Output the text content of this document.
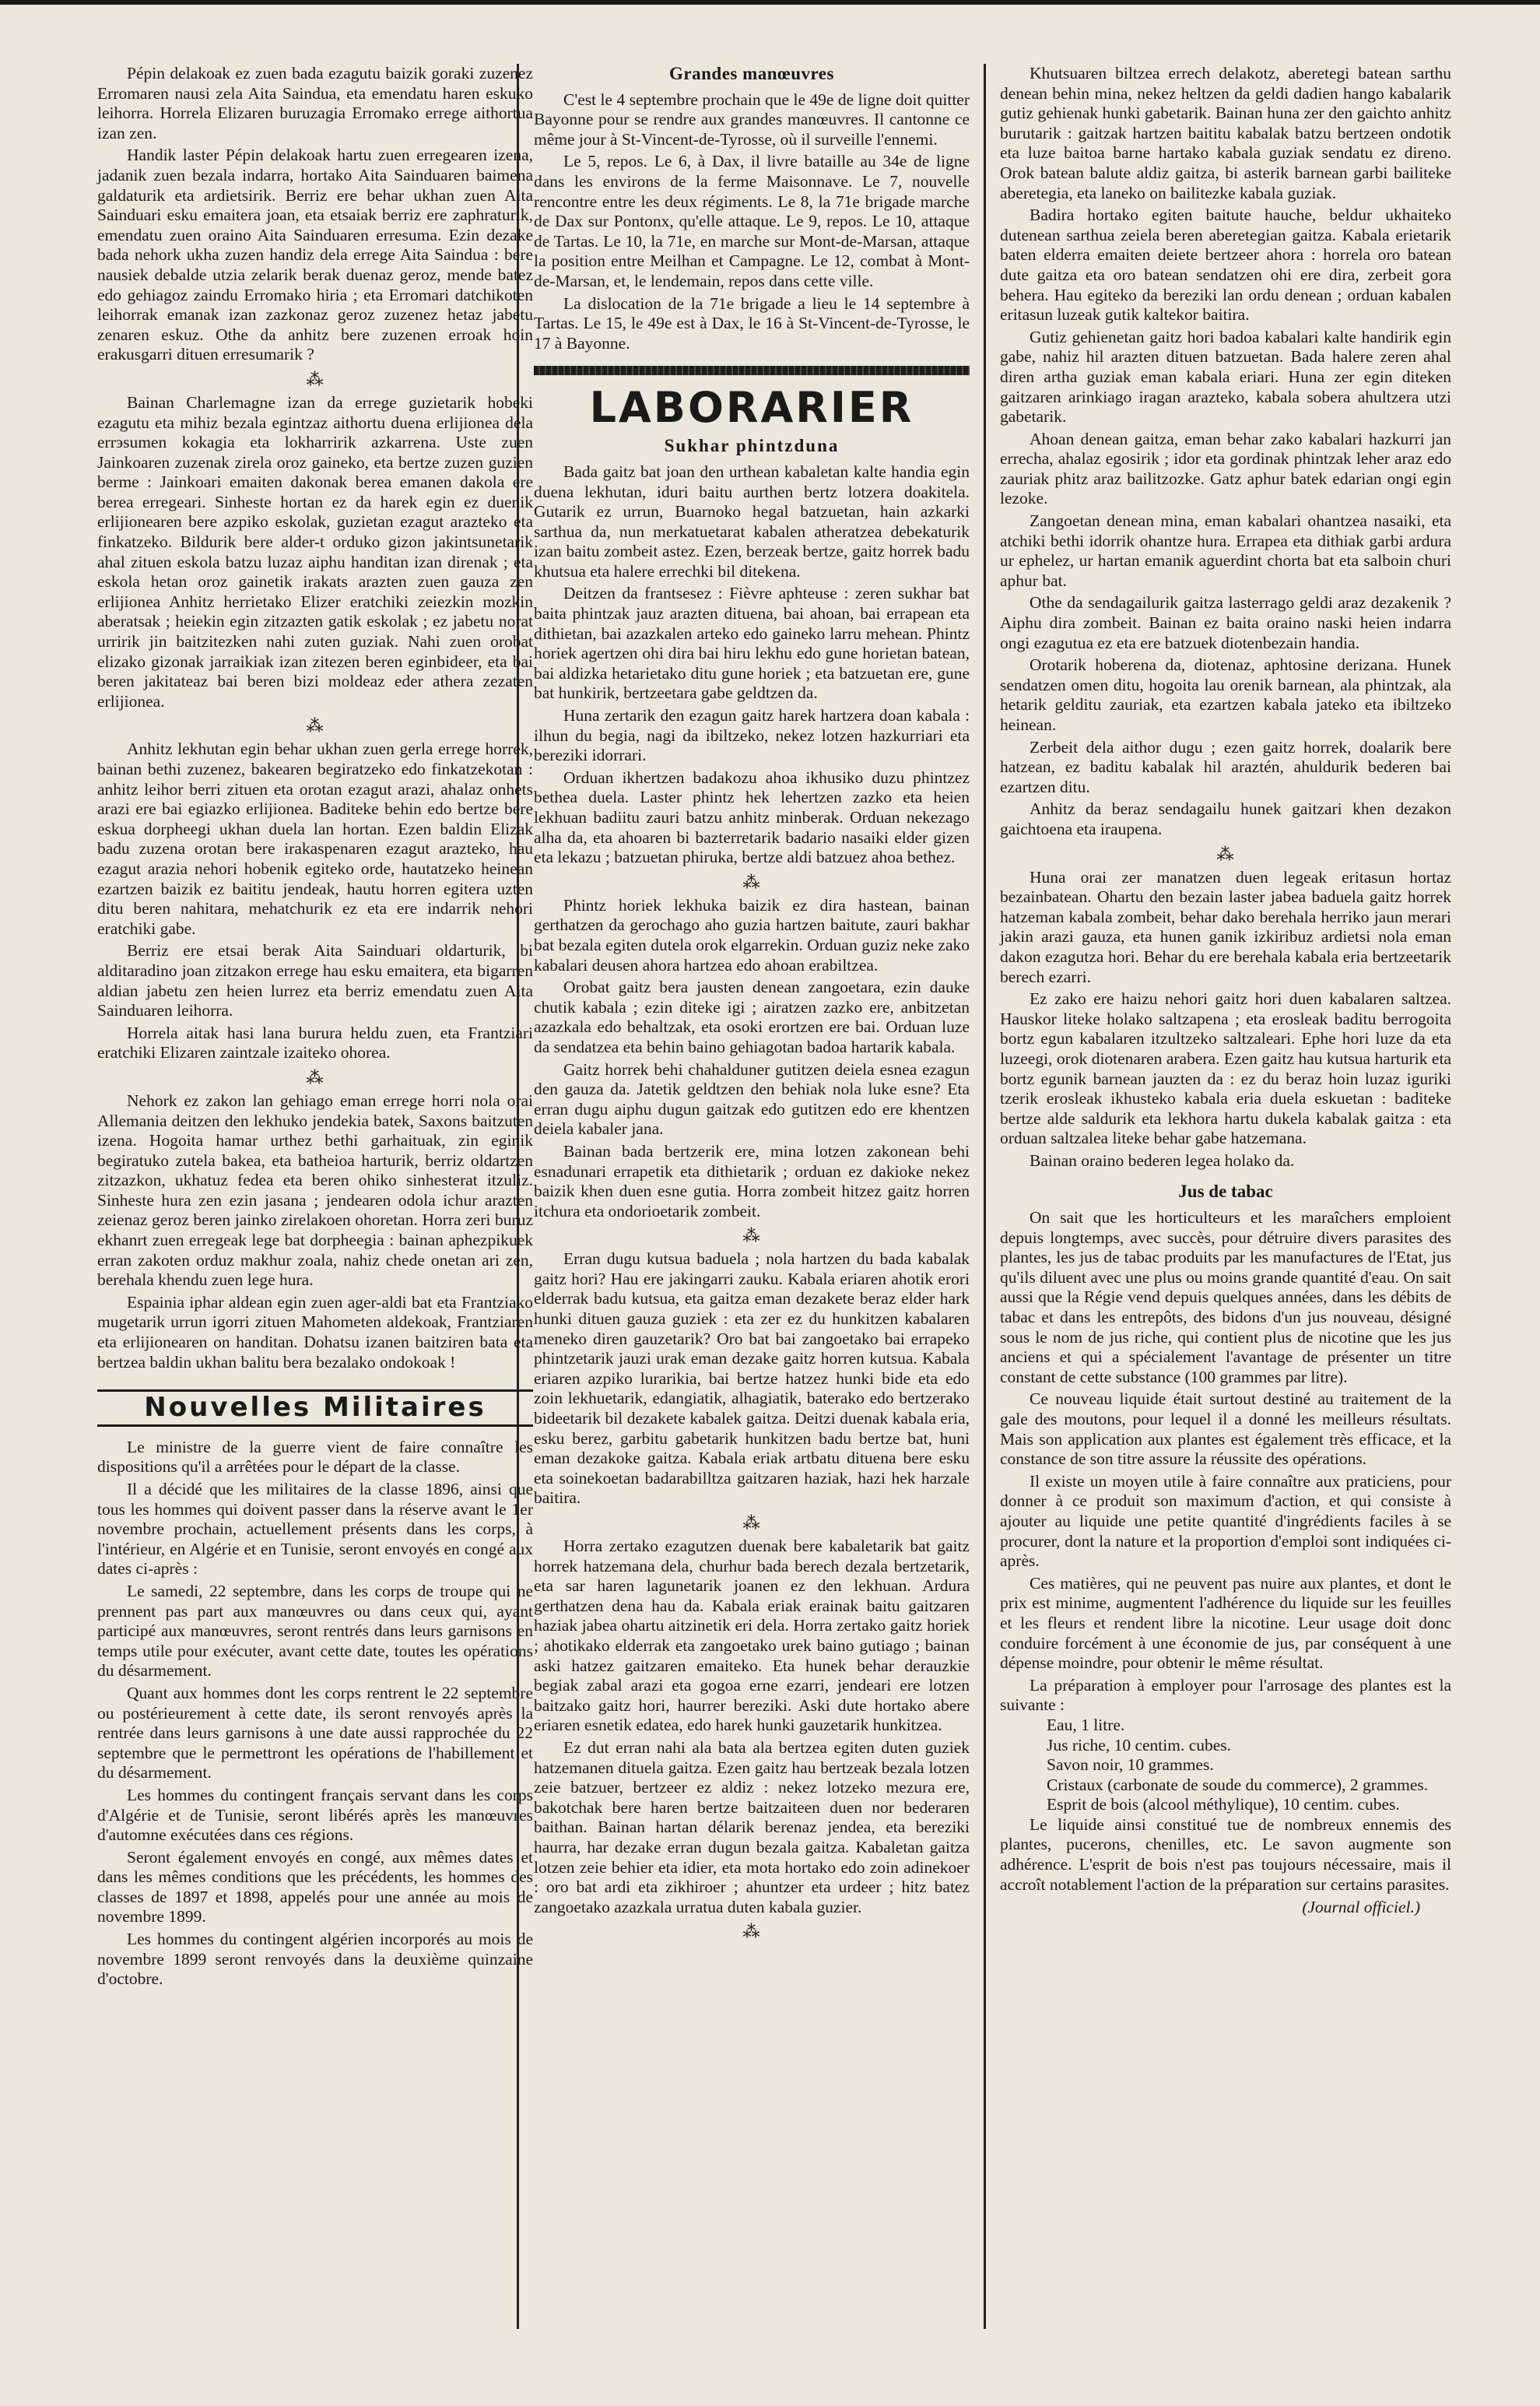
Pépin delakoak ez zuen bada ezagutu baizik goraki zuzenez Erromaren nausi zela Aita Sainduа, eta emendatu haren eskuko leihorra. Horrela Elizaren buruzagia Erromako errege aithortua izan zen.

Handik laster Pépin delakoak hartu zuen erregearen izena, jadanik zuen bezala indarra, hortako Aita Sainduaren baimena galdaturik eta ardietsirik. Berriz ere behar ukhan zuen Aita Sainduari esku emaitera joan, eta etsaiak berriz ere zaphraturik, emendatu zuen oraino Aita Sainduaren erresuma. Ezin dezake bada nehork ukha zuzen handiz dela errege Aita Sainduа : bere nausiek debalde utzia zelarik berak duenaz geroz, mende batez edo gehiagoz zaindu Erromako hiria ; eta Erromari datchikoten leihorrak emanak izan zazkonaz geroz zuzenez hetaz jabetu zenaren eskuz. Othe da anhitz bere zuzenen erroak hoin erakusgarri dituen erresumarik ?

⁂

Bainan Charlemagne izan da errege guzietarik hobeki ezagutu eta mihiz bezala egintzaz aithortu duena erlijionea dela errэsumen kokagia eta lokharririk azkarrena. Uste zuen Jainkoaren zuzenak zirela oroz gaineko, eta bertze zuzen guzien berme : Jainkoari emaiten dakonak berea emanen dakola ere berea erregeari. Sinheste hortan ez da harek egin ez duenik erlijionearen bere azpiko eskolak, guzietan ezagut arazteko eta finkatzeko. Bildurik bere alder-t orduko gizon jakintsunetarik ahal zituen eskola batzu luzaz aiphu handitan izan direnak ; eta eskola hetan oroz gainetik irakats arazten zuen gauza zen erlijionea Anhitz herrietako Elizer eratchiki zeiezkin mozkin aberatsak ; heiekin egin zitzazten gatik eskolak ; ez jabetu norat urririk jin baitzitezken nahi zuten guziak. Nahi zuen orobat elizako gizonak jarraikiak izan zitezen beren eginbideer, eta bai beren jakitateaz bai beren bizi moldeaz eder athera zezaten erlijionea.

⁂

Anhitz lekhutan egin behar ukhan zuen gerla errege horrek, bainan bethi zuzenez, bakearen begiratzeko edo finkatzekotan : anhitz leihor berri zituen eta orotan ezagut arazi, ahalaz onhets arazi ere bai egiazko erlijionea. Baditeke behin edo bertze bere eskua dorpheegi ukhan duela lan hortan. Ezen baldin Elizak badu zuzena orotan bere irakaspenaren ezagut arazteko, hau ezagut arazia nehori hobenik egiteko orde, hautatzeko heinean ezartzen baizik ez baititu jendeak, hautu horren egitera uzten ditu beren nahitara, mehatchurik ez eta ere indarrik nehori eratchiki gabe.

Berriz ere etsai berak Aita Sainduari oldarturik, bi alditaradino joan zitzakon errege hau esku emaitera, eta bigarren aldian jabetu zen heien lurrez eta berriz emendatu zuen Aita Sainduaren leihorra.

Horrela aitak hasi lana burura heldu zuen, eta Frantziari eratchiki Elizaren zaintzale izaiteko ohorea.

⁂

Nehork ez zakon lan gehiago eman errege horri nola orai Allemania deitzen den lekhuko jendekia batek, Saxons baitzuten izena. Hogoita hamar urthez bethi garhaituak, zin eginik begiratuko zutela bakea, eta batheioa harturik, berriz oldartzen zitzazkon, ukhatuz fedea eta beren ohiko sinhesterat itzuliz. Sinheste hura zen ezin jasana ; jendearen odola ichur arazten zeienaz geroz beren jainko zirelakoen ohoretan. Horra zeri buruz ekhanrt zuen erregeak lege bat dorpheegia : bainan aphezpikuek erran zakoten orduz makhur zoala, nahiz chede onetan ari zen, berehala khendu zuen lege hura.

Espainia iphar aldean egin zuen ager-aldi bat eta Frantziako mugetarik urrun igorri zituen Mahometen aldekoak, Frantziaren eta erlijionearen on handitan. Dohatsu izanen baitziren bata eta bertzea baldin ukhan balitu bera bezalako ondokoak !

Nouvelles Militaires

Le ministre de la guerre vient de faire connaître les dispositions qu'il a arrêtées pour le départ de la classe.

Il a décidé que les militaires de la classe 1896, ainsi que tous les hommes qui doivent passer dans la réserve avant le 1er novembre prochain, actuellement présents dans les corps, à l'intérieur, en Algérie et en Tunisie, seront envoyés en congé aux dates ci-après :

Le samedi, 22 septembre, dans les corps de troupe qui ne prennent pas part aux manœuvres ou dans ceux qui, ayant participé aux manœuvres, seront rentrés dans leurs garnisons en temps utile pour exécuter, avant cette date, toutes les opérations du désarmement.

Quant aux hommes dont les corps rentrent le 22 septembre ou postérieurement à cette date, ils seront renvoyés après la rentrée dans leurs garnisons à une date aussi rapprochée du 22 septembre que le permettront les opérations de l'habillement et du désarmement.

Les hommes du contingent français servant dans les corps d'Algérie et de Tunisie, seront libérés après les manœuvres d'automne exécutées dans ces régions.

Seront également envoyés en congé, aux mêmes dates et dans les mêmes conditions que les précédents, les hommes des classes de 1897 et 1898, appelés pour une année au mois de novembre 1899.

Les hommes du contingent algérien incorporés au mois de novembre 1899 seront renvoyés dans la deuxième quinzaine d'octobre.

Grandes manœuvres

C'est le 4 septembre prochain que le 49e de ligne doit quitter Bayonne pour se rendre aux grandes manœuvres. Il cantonne ce même jour à St-Vincent-de-Tyrosse, où il surveille l'ennemi.

Le 5, repos. Le 6, à Dax, il livre bataille au 34e de ligne dans les environs de la ferme Maisonnave. Le 7, nouvelle rencontre entre les deux régiments. Le 8, la 71e brigade marche de Dax sur Pontonx, qu'elle attaque. Le 9, repos. Le 10, attaque de Tartas. Le 10, la 71e, en marche sur Mont-de-Marsan, attaque la position entre Meilhan et Campagne. Le 12, combat à Mont-de-Marsan, et, le lendemain, repos dans cette ville.

La dislocation de la 71e brigade a lieu le 14 septembre à Tartas. Le 15, le 49e est à Dax, le 16 à St-Vincent-de-Tyrosse, le 17 à Bayonne.

LABORARIER
Sukhar phintzduna

Bada gaitz bat joan den urthean kabaletan kalte handia egin duena lekhutan, iduri baitu aurthen bertz lotzera doakitela. Gutarik ez urrun, Buarnoko hegal batzuetan, hain azkarki sarthua da, nun merkatuetarat kabalen atheratzea debekaturik izan baitu zombeit astez. Ezen, berzeak bertze, gaitz horrek badu khutsua eta halere errechki bil ditekena.

Deitzen da frantsesez : Fièvre aphteuse : zeren sukhar bat baita phintzak jauz arazten dituena, bai ahoan, bai errapean eta dithietan, bai azazkalen arteko edo gaineko larru mehean. Phintz horiek agertzen ohi dira bai hiru lekhu edo gune horietan batean, bai aldizka hetarietako ditu gune horiek ; eta batzuetan ere, gune bat hunkirik, bertzeetara gabe geldtzen da.

Huna zertarik den ezagun gaitz harek hartzera doan kabala : ilhun du begia, nagi da ibiltzeko, nekez lotzen hazkurriari eta bereziki idorrari.

Orduan ikhertzen badakozu ahoa ikhusiko duzu phintzez bethea duela. Laster phintz hek lehertzen zazko eta heien lekhuan badiitu zauri batzu anhitz minberak. Orduan nekezago alha da, eta ahoaren bi bazterretarik badario nasaiki elder gizen eta lekazu ; batzuetan phiruka, bertze aldi batzuez ahoa bethez.

⁂

Phintz horiek lekhuka baizik ez dira hastean, bainan gerthatzen da gerochago aho guzia hartzen baitute, zauri bakhar bat bezala egiten dutela orok elgarrekin. Orduan guziz neke zako kabalari deusen ahora hartzea edo ahoan erabiltzea.

Orobat gaitz bera jausten denean zangoetara, ezin dauke chutik kabala ; ezin diteke igi ; airatzen zazko ere, anbitzetan azazkala edo behaltzak, eta osoki erortzen ere bai. Orduan luze da sendatzea eta behin baino gehiagotan badoa hartarik kabala.

Gaitz horrek behi chahalduner gutitzen deiela esnea ezagun den gauza da. Jatetik geldtzen den behiak nola luke esne? Eta erran dugu aiphu dugun gaitzak edo gutitzen edo ere khentzen deiela kabaler jana.

Bainan bada bertzerik ere, mina lotzen zakonean behi esnadunari errapetik eta dithietarik ; orduan ez dakioke nekez baizik khen duen esne gutia. Horra zombeit hitzez gaitz horren itchura eta ondorioetarik zombeit.

⁂

Erran dugu kutsua baduela ; nola hartzen du bada kabalak gaitz hori? Hau ere jakingarri zauku. Kabala eriaren ahotik erori elderrak badu kutsua, eta gaitza eman dezakete beraz elder hark hunki dituen gauza guziek : eta zer ez du hunkitzen kabalaren meneko diren gauzetarik? Oro bat bai zangoetako bai errapeko phintzetarik jauzi urak eman dezake gaitz horren kutsua. Kabala eriaren azpiko lurarikia, bai bertze hatzez hunki bide eta edo zoin lekhuetarik, edangiatik, alhagiatik, baterako edo bertzerako bideetarik bil dezakete kabalek gaitza. Deitzi duenak kabala eria, esku berez, garbitu gabetarik hunkitzen badu bertze bat, huni eman dezakoke gaitza. Kabala eriak artbatu dituena bere esku eta soinekoetan badarabilltza gaitzaren haziak, hazi hek harzale baitira.

⁂

Horra zertako ezagutzen duenak bere kabaletarik bat gaitz horrek hatzemana dela, churhur bada berech dezala bertzetarik, eta sar haren lagunetarik joanen ez den lekhuan. Ardura gerthatzen dena hau da. Kabala eriak erainak baitu gaitzaren haziak jabea ohartu aitzinetik eri dela. Horra zertako gaitz horiek ; ahotikako elderrak eta zangoetako urek baino gutiago ; bainan aski hatzez gaitzaren emaiteko. Eta hunek behar derauzkie begiak zabal arazi eta gogoa erne ezarri, jendeari ere lotzen baitzako gaitz hori, haurrer bereziki. Aski dute hortako abere eriaren esnetik edatea, edo harek hunki gauzetarik hunkitzea.

Ez dut erran nahi ala bata ala bertzea egiten duten guziek hatzemanen dituela gaitza. Ezen gaitz hau bertzeak bezala lotzen zeie batzuer, bertzeer ez aldiz : nekez lotzeko mezura ere, bakotchak bere haren bertze baitzaiteen duen nor bederaren baithan. Bainan hartan délarik berenaz jendea, eta bereziki haurra, har dezake erran dugun bezala gaitza. Kabaletan gaitza lotzen zeie behier eta idier, eta mota hortako edo zoin adinekoer : oro bat ardi eta zikhiroer ; ahuntzer eta urdeer ; hitz batez zangoetako azazkala urratua duten kabala guzier.

⁂

Khutsuaren biltzea errech delakotz, aberetegi batean sarthu denean behin mina, nekez heltzen da geldi dadien hango kabalarik gutiz gehienak hunki gabetarik. Bainan huna zer den gaichto anhitz burutarik : gaitzak hartzen baititu kabalak batzu bertzeen ondotik eta luze baitoa barne hartako kabala guziak sendatu ez direno. Orok batean balute aldiz gaitza, bi asterik barnean garbi bailiteke aberetegia, eta laneko on bailitezke kabala guziak.

Badira hortako egiten baitute hauche, beldur ukhaiteko dutenean sarthua zeiela beren aberetegian gaitza. Kabala erietarik baten elderra emaiten deiete bertzeer ahora : horrela oro batean dute gaitza eta oro batean sendatzen ohi ere dira, zerbeit gora behera. Hau egiteko da bereziki lan ordu denean ; orduan kabalen eritasun luzeak gutik kaltekor baitira.

Gutiz gehienetan gaitz hori badoa kabalari kalte handirik egin gabe, nahiz hil arazten dituen batzuetan. Bada halere zeren ahal diren artha guziak eman kabala eriari. Huna zer egin diteken gaitzaren arinkiago iragan arazteko, kabala sobera ahultzera utzi gabetarik.

Ahoan denean gaitza, eman behar zako kabalari hazkurri jan errecha, ahalaz egosirik ; idor eta gordinak phintzak leher araz edo zauriak phitz araz bailitzozke. Gatz aphur batek edarian ongi egin lezoke.

Zangoetan denean mina, eman kabalari ohantzea nasaiki, eta atchiki bethi idorrik ohantze hura. Errapea eta dithiak garbi ardura ur ephelez, ur hartan emanik aguerdint chorta bat eta salboin churi aphur bat.

Othe da sendagailurik gaitza lasterrago geldi araz dezakenik ? Aiphu dira zombeit. Bainan ez baita oraino naski heien indarra ongi ezagutua ez eta ere batzuek diotenbezain handia.

Orotarik hoberena da, diotenaz, aphtosine derizana. Hunek sendatzen omen ditu, hogoita lau orenik barnean, ala phintzak, ala hetarik gelditu zauriak, eta ezartzen kabala jateko eta ibiltzeko heinean.

Zerbeit dela aithor dugu ; ezen gaitz horrek, doalarik bere hatzean, ez baditu kabalak hil araztén, ahuldurik bederen bai ezartzen ditu.

Anhitz da beraz sendagailu hunek gaitzari khen dezakon gaichtoena eta iraupena.

⁂

Huna orai zer manatzen duen legeak eritasun hortaz bezainbatean. Ohartu den bezain laster jabea baduela gaitz horrek hatzeman kabala zombeit, behar dako berehala herriko jaun merari jakin arazi gauza, eta hunen ganik izkiribuz ardietsi nola eman dakon ezagutza hori. Behar du ere berehala kabala eria bertzeetarik berech ezarri.

Ez zako ere haizu nehori gaitz hori duen kabalaren saltzea. Hauskor liteke holako saltzapena ; eta erosleak baditu berrogoita bortz egun kabalaren itzultzeko saltzaleari. Ephe hori luze da eta luzeegi, orok diotenaren arabera. Ezen gaitz hau kutsua harturik eta bortz egunik barnean jauzten da : ez du beraz hoin luzaz iguriki tzerik erosleak ikhusteko kabala eria duela eskuetan : baditeke bertze alde saldurik eta lekhora hartu dukela kabalak gaitza : eta orduan saltzalea liteke behar gabe hatzemana.

Bainan oraino bederen legea holako da.

Jus de tabac

On sait que les horticulteurs et les maraîchers emploient depuis longtemps, avec succès, pour détruire divers parasites des plantes, les jus de tabac produits par les manufactures de l'Etat, jus qu'ils diluent avec une plus ou moins grande quantité d'eau. On sait aussi que la Régie vend depuis quelques années, dans les débits de tabac et dans les entrepôts, des bidons d'un jus nouveau, désigné sous le nom de jus riche, qui contient plus de nicotine que les jus anciens et qui a spécialement l'avantage de présenter un titre constant de cette substance (100 grammes par litre).

Ce nouveau liquide était surtout destiné au traitement de la gale des moutons, pour lequel il a donné les meilleurs résultats. Mais son application aux plantes est également très efficace, et la constance de son titre assure la réussite des opérations.

Il existe un moyen utile à faire connaître aux praticiens, pour donner à ce produit son maximum d'action, et qui consiste à ajouter au liquide une petite quantité d'ingrédients faciles à se procurer, dont la nature et la proportion d'emploi sont indiquées ci-après.

Ces matières, qui ne peuvent pas nuire aux plantes, et dont le prix est minime, augmentent l'adhérence du liquide sur les feuilles et les fleurs et rendent libre la nicotine. Leur usage doit donc conduire forcément à une économie de jus, par conséquent à une dépense moindre, pour obtenir le même résultat.

La préparation à employer pour l'arrosage des plantes est la suivante :

Eau, 1 litre.
Jus riche, 10 centim. cubes.
Savon noir, 10 grammes.
Cristaux (carbonate de soude du commerce), 2 grammes.
Esprit de bois (alcool méthylique), 10 centim. cubes.

Le liquide ainsi constitué tue de nombreux ennemis des plantes, pucerons, chenilles, etc. Le savon augmente son adhérence. L'esprit de bois n'est pas toujours nécessaire, mais il accroît notablement l'action de la préparation sur certains parasites.

(Journal officiel.)
